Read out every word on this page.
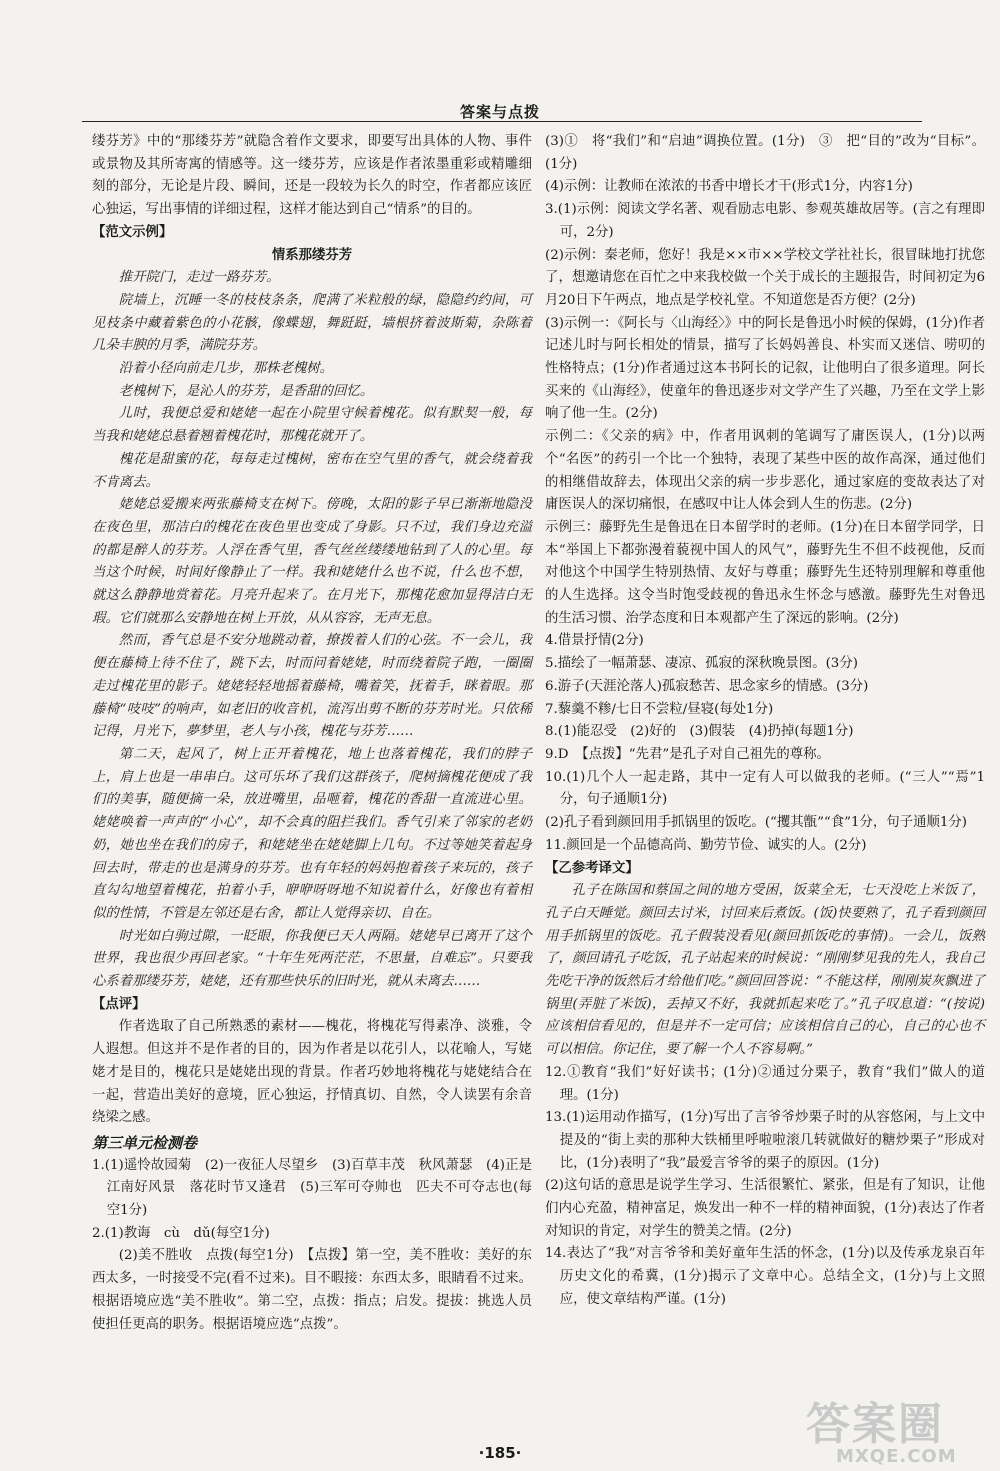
答案与点拨

缕芬芳》中的“那缕芬芳”就隐含着作文要求，即要写出具体的人物、事件或景物及其所寄寓的情感等。这一缕芬芳，应该是作者浓墨重彩或精雕细刻的部分，无论是片段、瞬间，还是一段较为长久的时空，作者都应该匠心独运，写出事情的详细过程，这样才能达到自己“情系”的目的。

【范文示例】

情系那缕芬芳

推开院门，走过一路芬芳。

院墙上，沉睡一冬的枝枝条条，爬满了米粒般的绿，隐隐约约间，可见枝条中藏着紫色的小花骸，像蝶翅，舞跹跹，墙根挤着波斯菊，杂陈着几朵丰腴的月季，满院芬芳。

沿着小径向前走几步，那株老槐树。

老槐树下，是沁人的芬芳，是香甜的回忆。

儿时，我便总爱和姥姥一起在小院里守候着槐花。似有默契一般，每当我和姥姥总悬着翘着槐花时，那槐花就开了。

槐花是甜蜜的花，每每走过槐树，密布在空气里的香气，就会绕着我不肯离去。

姥姥总爱搬来两张藤椅支在树下。傍晚，太阳的影子早已渐渐地隐没在夜色里，那洁白的槐花在夜色里也变成了身影。只不过，我们身边充溢的都是醉人的芬芳。人浮在香气里，香气丝丝缕缕地钻到了人的心里。每当这个时候，时间好像静止了一样。我和姥姥什么也不说，什么也不想，就这么静静地赏着花。月亮升起来了。在月光下，那槐花愈加显得洁白无瑕。它们就那么安静地在树上开放，从从容容，无声无息。

然而，香气总是不安分地跳动着，撩拨着人们的心弦。不一会儿，我便在藤椅上待不住了，跳下去，时而问着姥姥，时而绕着院子跑，一圈圈走过槐花里的影子。姥姥轻轻地摇着藤椅，嘴着笑，抚着手，眯着眼。那藤椅“吱吱”的响声，如老旧的收音机，流泻出剪不断的芬芳时光。只依稀记得，月光下，夢梦里，老人与小孩，槐花与芬芳……

第二天，起风了，树上正开着槐花，地上也落着槐花，我们的脖子上，肩上也是一串串白。这可乐坏了我们这群孩子，爬树摘槐花便成了我们的美事，随便摘一朵，放进嘴里，品咂着，槐花的香甜一直流进心里。姥姥唤着一声声的“小心”，却不会真的阻拦我们。香气引来了邻家的老奶奶，她也坐在我们的房子，和姥姥坐在姥姥脚上几句。不过等她笑着起身回去时，带走的也是满身的芬芳。也有年轻的妈妈抱着孩子来玩的，孩子直勾勾地望着槐花，拍着小手，咿咿呀呀地不知说着什么，好像也有着相似的性情，不管是左邻还是右舍，都让人觉得亲切、自在。

时光如白驹过隙，一眨眼，你我便已天人两隔。姥姥早已离开了这个世界，我也很少再回老家。“十年生死两茫茫，不思量，自难忘”。只要我心系着那缕芬芳，姥姥，还有那些快乐的旧时光，就从未离去……

【点评】

作者选取了自己所熟悉的素材——槐花，将槐花写得素净、淡雅，令人遐想。但这并不是作者的目的，因为作者是以花引人，以花喻人，写姥姥才是目的，槐花只是姥姥出现的背景。作者巧妙地将槐花与姥姥结合在一起，营造出美好的意境，匠心独运，抒情真切、自然，令人读罢有余音绕梁之感。

第三单元检测卷

1.(1)遥怜故园菊　(2)一夜征人尽望乡　(3)百草丰茂　秋风萧瑟　(4)正是江南好风景　落花时节又逢君　(5)三军可夺帅也　匹夫不可夺志也(每空1分)

2.(1)教诲　cù　dǔ(每空1分)

(2)美不胜收　点拨(每空1分)　【点拨】第一空，美不胜收：美好的东西太多，一时接受不完(看不过来)。目不暇接：东西太多，眼睛看不过来。根据语境应选“美不胜收”。第二空，点拨：指点；启发。提拔：挑选人员使担任更高的职务。根据语境应选“点拨”。

(3)①　将“我们”和“启迪”调换位置。(1分)　③　把“目的”改为“目标”。(1分)

(4)示例：让教师在浓浓的书香中增长才干(形式1分，内容1分)

3.(1)示例：阅读文学名著、观看励志电影、参观英雄故居等。(言之有理即可，2分)

(2)示例：秦老师，您好！我是××市××学校文学社社长，很冒昧地打扰您了，想邀请您在百忙之中来我校做一个关于成长的主题报告，时间初定为6月20日下午两点，地点是学校礼堂。不知道您是否方便？(2分)

(3)示例一：《阿长与〈山海经〉》中的阿长是鲁迅小时候的保姆，(1分)作者记述儿时与阿长相处的情景，描写了长妈妈善良、朴实而又迷信、唠叨的性格特点；(1分)作者通过这本书阿长的记叙，让他明白了很多道理。阿长买来的《山海经》，使童年的鲁迅逐步对文学产生了兴趣，乃至在文学上影响了他一生。(2分)

示例二：《父亲的病》中，作者用讽刺的笔调写了庸医误人，(1分)以两个“名医”的药引一个比一个独特，表现了某些中医的故作高深，通过他们的相继借故辞去，体现出父亲的病一步步恶化，通过家庭的变故表达了对庸医误人的深切痛恨，在感叹中让人体会到人生的伤悲。(2分)

示例三：藤野先生是鲁迅在日本留学时的老师。(1分)在日本留学同学，日本“举国上下都弥漫着藐视中国人的风气”，藤野先生不但不歧视他，反而对他这个中国学生特别热情、友好与尊重；藤野先生还特别理解和尊重他的人生选择。这令当时饱受歧视的鲁迅永生怀念与感激。藤野先生对鲁迅的生活习惯、治学态度和日本观都产生了深远的影响。(2分)

4.借景抒情(2分)

5.描绘了一幅萧瑟、凄凉、孤寂的深秋晚景图。(3分)

6.游子(天涯沦落人)孤寂愁苦、思念家乡的情感。(3分)

7.藜羹不糁/七日不尝粒/昼寝(每处1分)

8.(1)能忍受　(2)好的　(3)假装　(4)扔掉(每题1分)

9.D　【点拨】“先君”是孔子对自己祖先的尊称。

10.(1)几个人一起走路，其中一定有人可以做我的老师。(“三人”“焉”1分，句子通顺1分)

(2)孔子看到颜回用手抓锅里的饭吃。(“攫其甑”“食”1分，句子通顺1分)

11.颜回是一个品德高尚、勤劳节俭、诚实的人。(2分)

【乙参考译文】

孔子在陈国和蔡国之间的地方受困，饭菜全无，七天没吃上米饭了，孔子白天睡觉。颜回去讨米，讨回来后煮饭。(饭)快要熟了，孔子看到颜回用手抓锅里的饭吃。孔子假装没看见(颜回抓饭吃的事情)。一会儿，饭熟了，颜回请孔子吃饭，孔子站起来的时候说：“刚刚梦见我的先人，我自己先吃干净的饭然后才给他们吃。”颜回回答说：“不能这样，刚刚炭灰飘进了锅里(弄脏了米饭)，丢掉又不好，我就抓起来吃了。”孔子叹息道：“(按说)应该相信看见的，但是并不一定可信；应该相信自己的心，自己的心也不可以相信。你记住，要了解一个人不容易啊。”

12.①教育“我们”好好读书；(1分)②通过分栗子，教育“我们”做人的道理。(1分)

13.(1)运用动作描写，(1分)写出了言爷爷炒栗子时的从容悠闲，与上文中提及的“街上卖的那种大铁桶里呼啦啦滚几转就做好的糖炒栗子”形成对比，(1分)表明了“我”最爱言爷爷的栗子的原因。(1分)

(2)这句话的意思是说学生学习、生活很繁忙、紧张，但是有了知识，让他们内心充盈，精神富足，焕发出一种不一样的精神面貌，(1分)表达了作者对知识的肯定，对学生的赞美之情。(2分)

14.表达了“我”对言爷爷和美好童年生活的怀念，(1分)以及传承龙泉百年历史文化的希冀，(1分)揭示了文章中心。总结全文，(1分)与上文照应，使文章结构严谨。(1分)

·185·
答案圈
MXQE.COM
